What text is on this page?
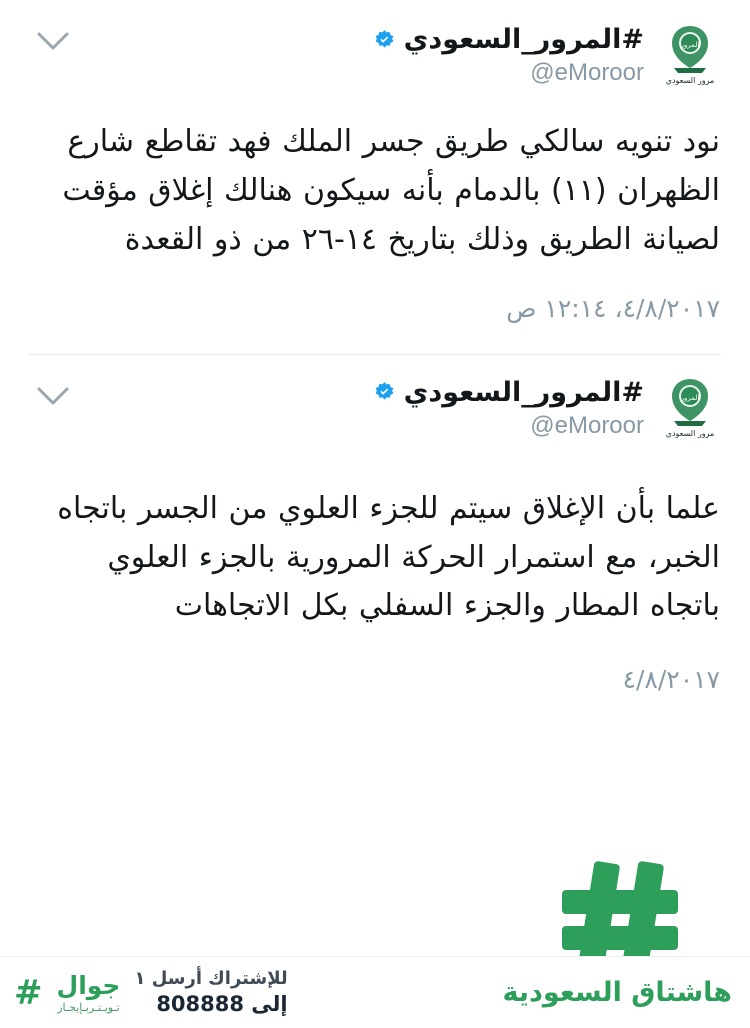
المرور
مرور السعودي
#المرور_السعودي
@eMoroor
نود تنويه سالكي طريق جسر الملك فهد تقاطع شارع الظهران (١١) بالدمام بأنه سيكون هنالك إغلاق مؤقت لصيانة الطريق وذلك بتاريخ ١٤-٢٦ من ذو القعدة
٤/٨/٢٠١٧، ١٢:١٤ ص
المرور
مرور السعودي
#المرور_السعودي
@eMoroor
علما بأن الإغلاق سيتم للجزء العلوي من الجسر باتجاه الخبر، مع استمرار الحركة المرورية بالجزء العلوي باتجاه المطار والجزء السفلي بكل الاتجاهات
٤/٨/٢٠١٧
هاشتاق السعودية
للإشتراك أرسل ١
إلى 808888
جوال
تـويـتـربـإيجـاز
#
